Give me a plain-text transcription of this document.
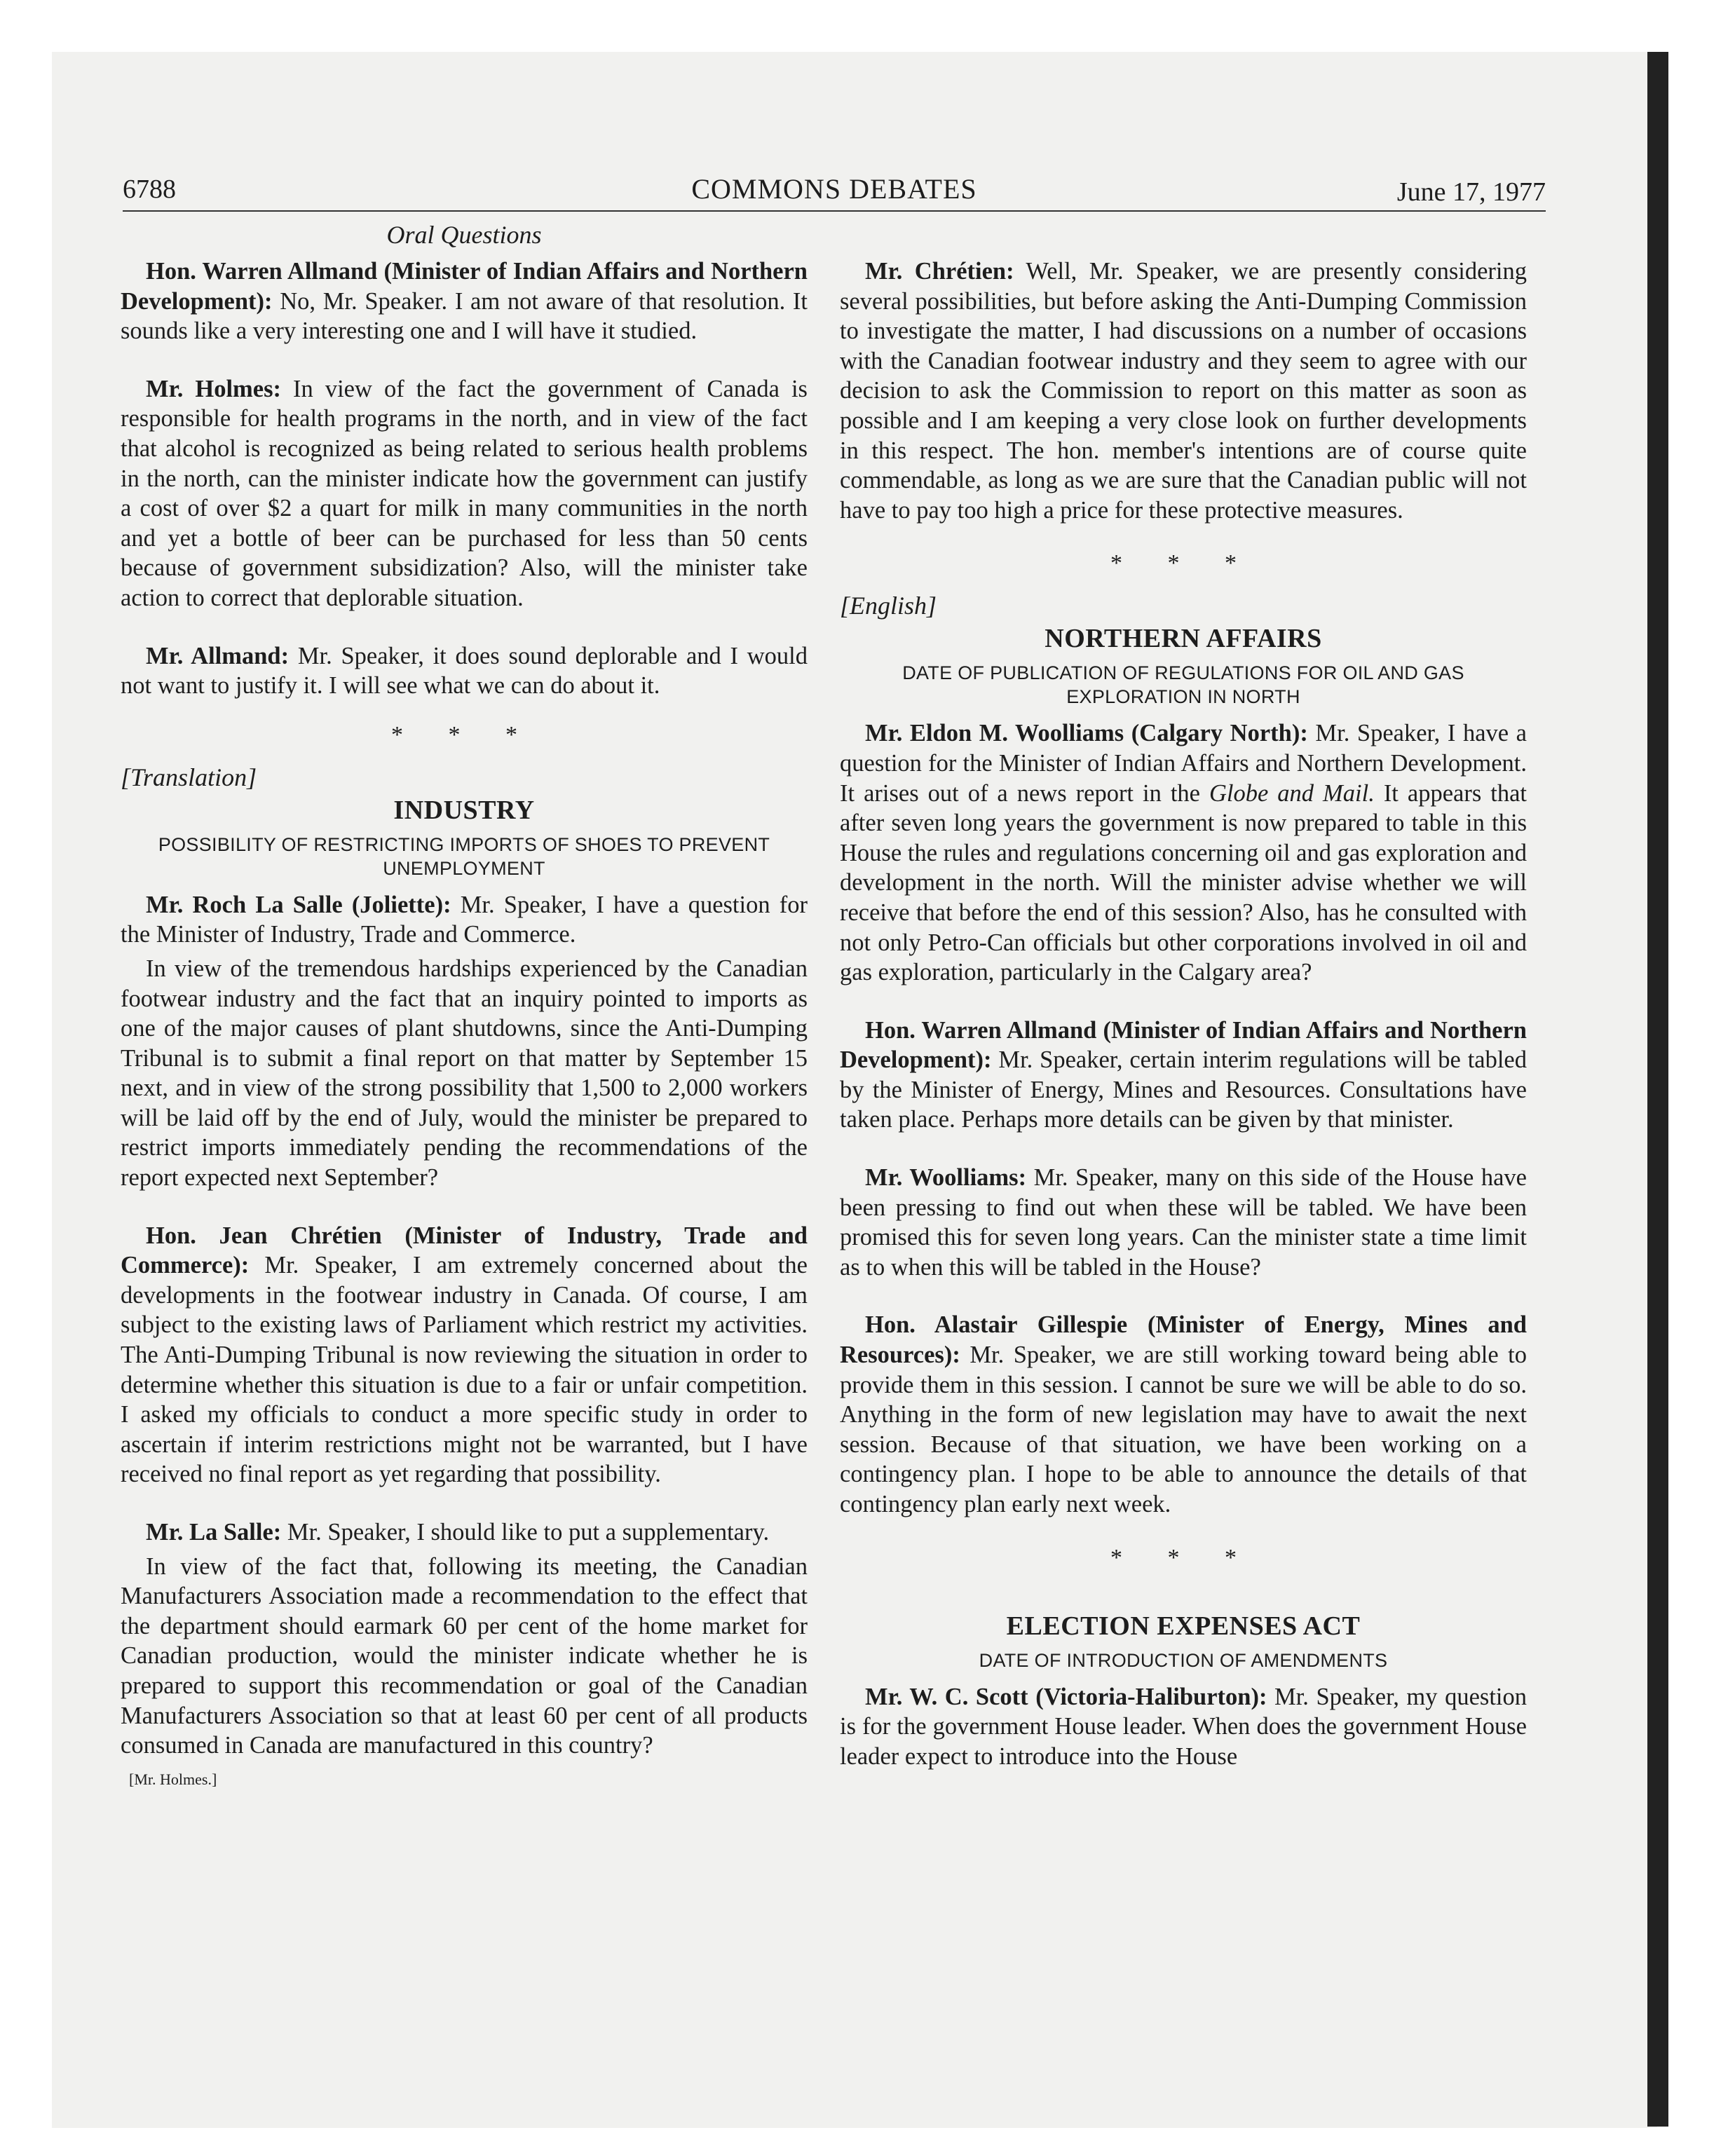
6788	COMMONS DEBATES	June 17, 1977
Oral Questions

Hon. Warren Allmand (Minister of Indian Affairs and Northern Development): No, Mr. Speaker. I am not aware of that resolution. It sounds like a very interesting one and I will have it studied.

Mr. Holmes: In view of the fact the government of Canada is responsible for health programs in the north, and in view of the fact that alcohol is recognized as being related to serious health problems in the north, can the minister indicate how the government can justify a cost of over $2 a quart for milk in many communities in the north and yet a bottle of beer can be purchased for less than 50 cents because of government subsidization? Also, will the minister take action to correct that deplorable situation.

Mr. Allmand: Mr. Speaker, it does sound deplorable and I would not want to justify it. I will see what we can do about it.

* * *
[Translation]
INDUSTRY
POSSIBILITY OF RESTRICTING IMPORTS OF SHOES TO PREVENT UNEMPLOYMENT

Mr. Roch La Salle (Joliette): Mr. Speaker, I have a question for the Minister of Industry, Trade and Commerce.

In view of the tremendous hardships experienced by the Canadian footwear industry and the fact that an inquiry pointed to imports as one of the major causes of plant shutdowns, since the Anti-Dumping Tribunal is to submit a final report on that matter by September 15 next, and in view of the strong possibility that 1,500 to 2,000 workers will be laid off by the end of July, would the minister be prepared to restrict imports immediately pending the recommendations of the report expected next September?

Hon. Jean Chrétien (Minister of Industry, Trade and Commerce): Mr. Speaker, I am extremely concerned about the developments in the footwear industry in Canada. Of course, I am subject to the existing laws of Parliament which restrict my activities. The Anti-Dumping Tribunal is now reviewing the situation in order to determine whether this situation is due to a fair or unfair competition. I asked my officials to conduct a more specific study in order to ascertain if interim restrictions might not be warranted, but I have received no final report as yet regarding that possibility.

Mr. La Salle: Mr. Speaker, I should like to put a supplementary.

In view of the fact that, following its meeting, the Canadian Manufacturers Association made a recommendation to the effect that the department should earmark 60 per cent of the home market for Canadian production, would the minister indicate whether he is prepared to support this recommendation or goal of the Canadian Manufacturers Association so that at least 60 per cent of all products consumed in Canada are manufactured in this country?

[Mr. Holmes.]

Mr. Chrétien: Well, Mr. Speaker, we are presently considering several possibilities, but before asking the Anti-Dumping Commission to investigate the matter, I had discussions on a number of occasions with the Canadian footwear industry and they seem to agree with our decision to ask the Commission to report on this matter as soon as possible and I am keeping a very close look on further developments in this respect. The hon. member's intentions are of course quite commendable, as long as we are sure that the Canadian public will not have to pay too high a price for these protective measures.

* * *
[English]
NORTHERN AFFAIRS
DATE OF PUBLICATION OF REGULATIONS FOR OIL AND GAS EXPLORATION IN NORTH

Mr. Eldon M. Woolliams (Calgary North): Mr. Speaker, I have a question for the Minister of Indian Affairs and Northern Development. It arises out of a news report in the Globe and Mail. It appears that after seven long years the government is now prepared to table in this House the rules and regulations concerning oil and gas exploration and development in the north. Will the minister advise whether we will receive that before the end of this session? Also, has he consulted with not only Petro-Can officials but other corporations involved in oil and gas exploration, particularly in the Calgary area?

Hon. Warren Allmand (Minister of Indian Affairs and Northern Development): Mr. Speaker, certain interim regulations will be tabled by the Minister of Energy, Mines and Resources. Consultations have taken place. Perhaps more details can be given by that minister.

Mr. Woolliams: Mr. Speaker, many on this side of the House have been pressing to find out when these will be tabled. We have been promised this for seven long years. Can the minister state a time limit as to when this will be tabled in the House?

Hon. Alastair Gillespie (Minister of Energy, Mines and Resources): Mr. Speaker, we are still working toward being able to provide them in this session. I cannot be sure we will be able to do so. Anything in the form of new legislation may have to await the next session. Because of that situation, we have been working on a contingency plan. I hope to be able to announce the details of that contingency plan early next week.

* * *
ELECTION EXPENSES ACT
DATE OF INTRODUCTION OF AMENDMENTS

Mr. W. C. Scott (Victoria-Haliburton): Mr. Speaker, my question is for the government House leader. When does the government House leader expect to introduce into the House
